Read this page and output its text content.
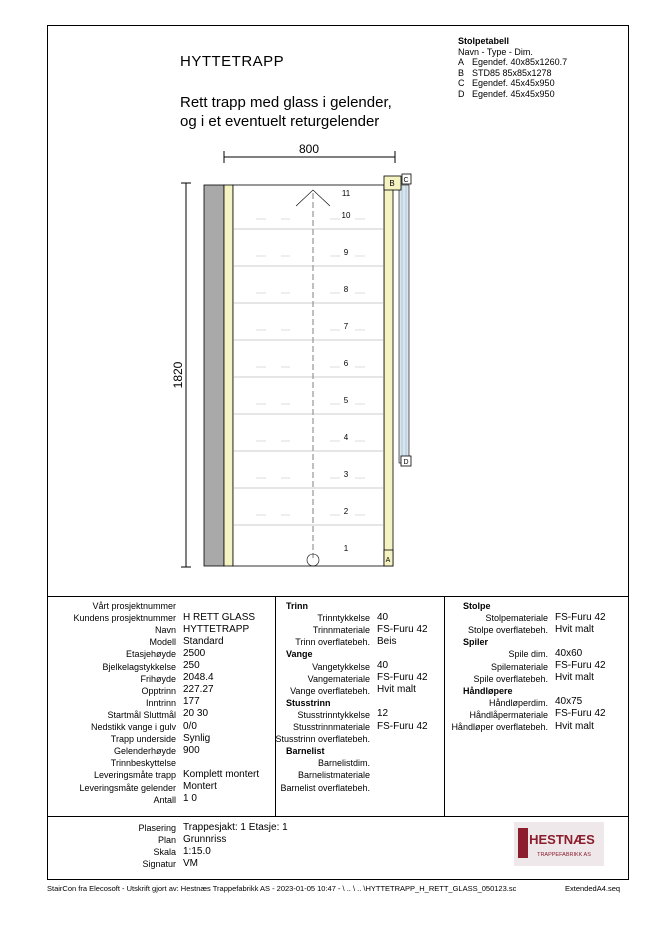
HYTTETRAPP
Rett trapp med glass i gelender,
og i et eventuelt returgelender
Stolpetabell
Navn - Type - Dim.
A Egendef. 40x85x1260.7
B STD85 85x85x1278
C Egendef. 45x45x950
D Egendef. 45x45x950
800
1820
B C
D
A
11
10
9
8
7
6
5
4
3
2
1
Vårt prosjektnummer
Kundens prosjektnummer H RETT GLASS
Navn HYTTETRAPP
Modell Standard
Etasjehøyde 2500
Bjelkelagstykkelse 250
Frihøyde 2048.4
Opptrinn 227.27
Inntrinn 177
Startmål Sluttmål 20 30
Nedstikk vange i gulv 0/0
Trapp underside Synlig
Gelenderhøyde 900
Trinnbeskyttelse
Leveringsmåte trapp Komplett montert
Leveringsmåte gelender Montert
Antall 1 0
Trinn
Trinntykkelse 40
Trinnmateriale FS-Furu 42
Trinn overflatebeh. Beis
Vange
Vangetykkelse 40
Vangemateriale FS-Furu 42
Vange overflatebeh. Hvit malt
Stusstrinn
Stusstrinntykkelse 12
Stusstrinnmateriale FS-Furu 42
Stusstrinn overflatebeh.
Barnelist
Barnelistdim.
Barnelistmateriale
Barnelist overflatebeh.
Stolpe
Stolpemateriale FS-Furu 42
Stolpe overflatebeh. Hvit malt
Spiler
Spile dim. 40x60
Spilemateriale FS-Furu 42
Spile overflatebeh. Hvit malt
Håndløpere
Håndløperdim. 40x75
Håndlåpermateriale FS-Furu 42
Håndløper overflatebeh. Hvit malt
Plasering Trappesjakt: 1 Etasje: 1
Plan Grunnriss
Skala 1:15.0
Signatur VM
HESTNÆS
TRAPPEFABRIKK AS
StairCon fra Elecosoft - Utskrift gjort av: Hestnæs Trappefabrikk AS - 2023-01-05 10:47 - \ .. \ .. \HYTTETRAPP_H_RETT_GLASS_050123.sc	ExtendedA4.seq
